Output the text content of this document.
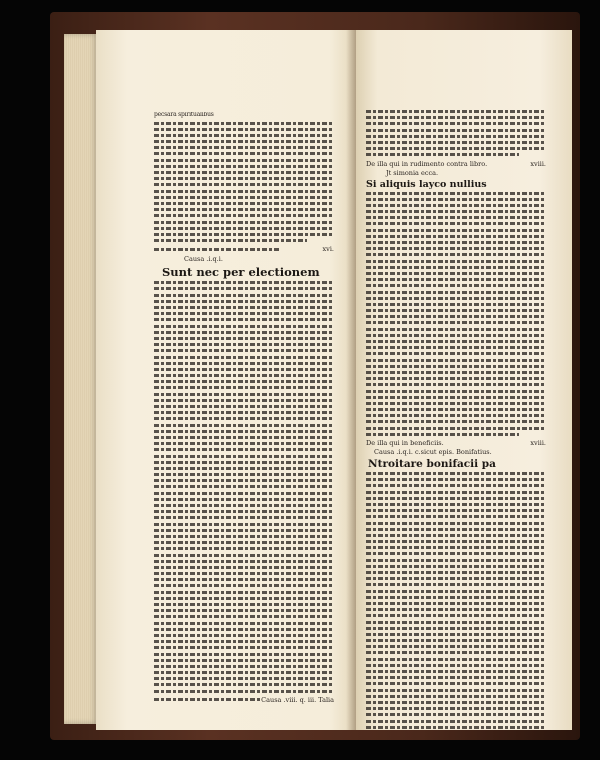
pecsara spiritualibus
xvi.
Causa .i.q.i.
Sunt nec per electionem
Causa .viii. q. iii. Talia
De illa qui in rudimento contra libro.	xviii.
Jt simonia ecca.
Si aliquis layco nullius
De illa qui in beneficiis.	xviii.
Causa .i.q.i. c.sicut epis. Bonifatius.
Ntroitare bonifacii pa
